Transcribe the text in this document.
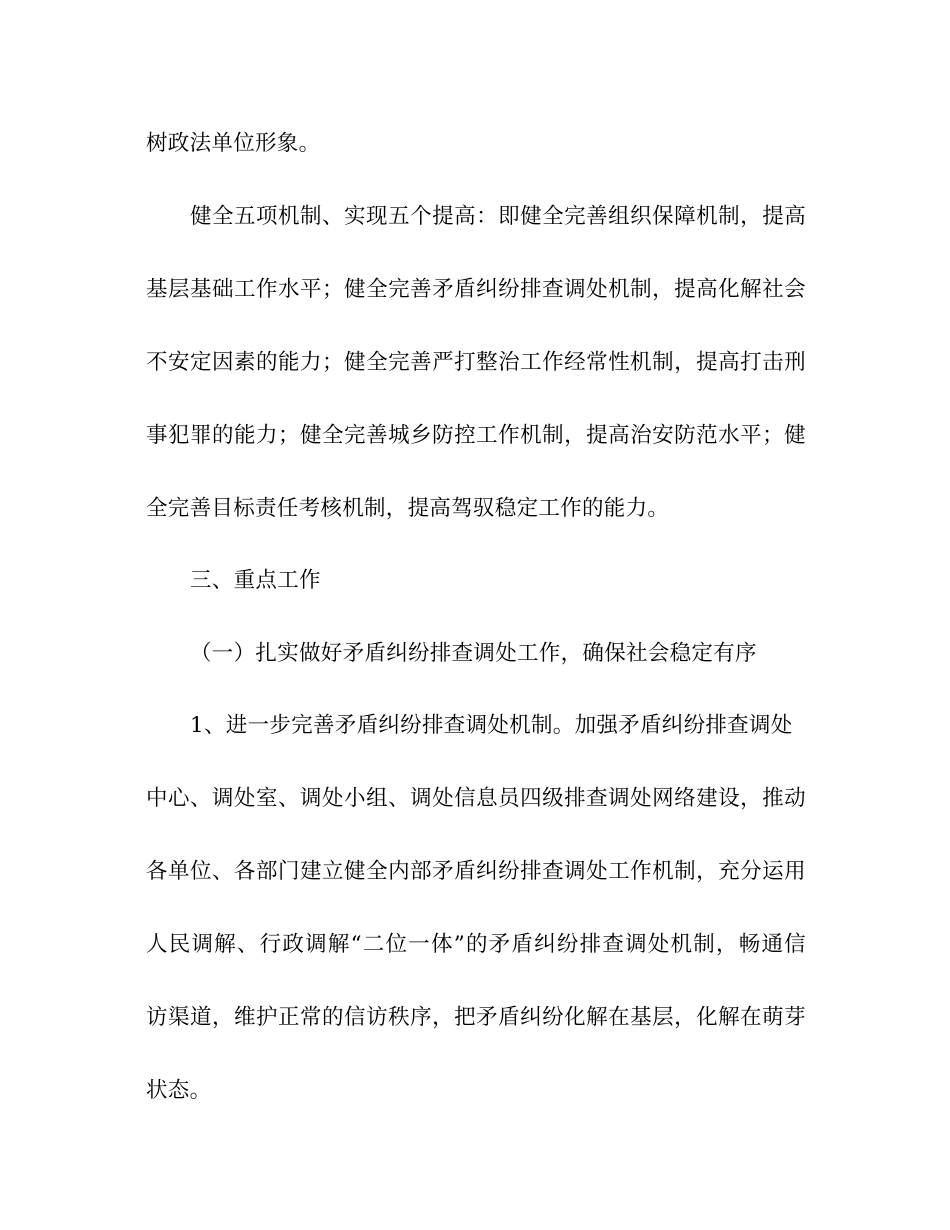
树政法单位形象。
健全五项机制、实现五个提高：即健全完善组织保障机制，提高
基层基础工作水平；健全完善矛盾纠纷排查调处机制，提高化解社会
不安定因素的能力；健全完善严打整治工作经常性机制，提高打击刑
事犯罪的能力；健全完善城乡防控工作机制，提高治安防范水平；健
全完善目标责任考核机制，提高驾驭稳定工作的能力。
三、重点工作
（一）扎实做好矛盾纠纷排查调处工作，确保社会稳定有序
1、进一步完善矛盾纠纷排查调处机制。加强矛盾纠纷排查调处
中心、调处室、调处小组、调处信息员四级排查调处网络建设，推动
各单位、各部门建立健全内部矛盾纠纷排查调处工作机制，充分运用
人民调解、行政调解“二位一体”的矛盾纠纷排查调处机制，畅通信
访渠道，维护正常的信访秩序，把矛盾纠纷化解在基层，化解在萌芽
状态。
